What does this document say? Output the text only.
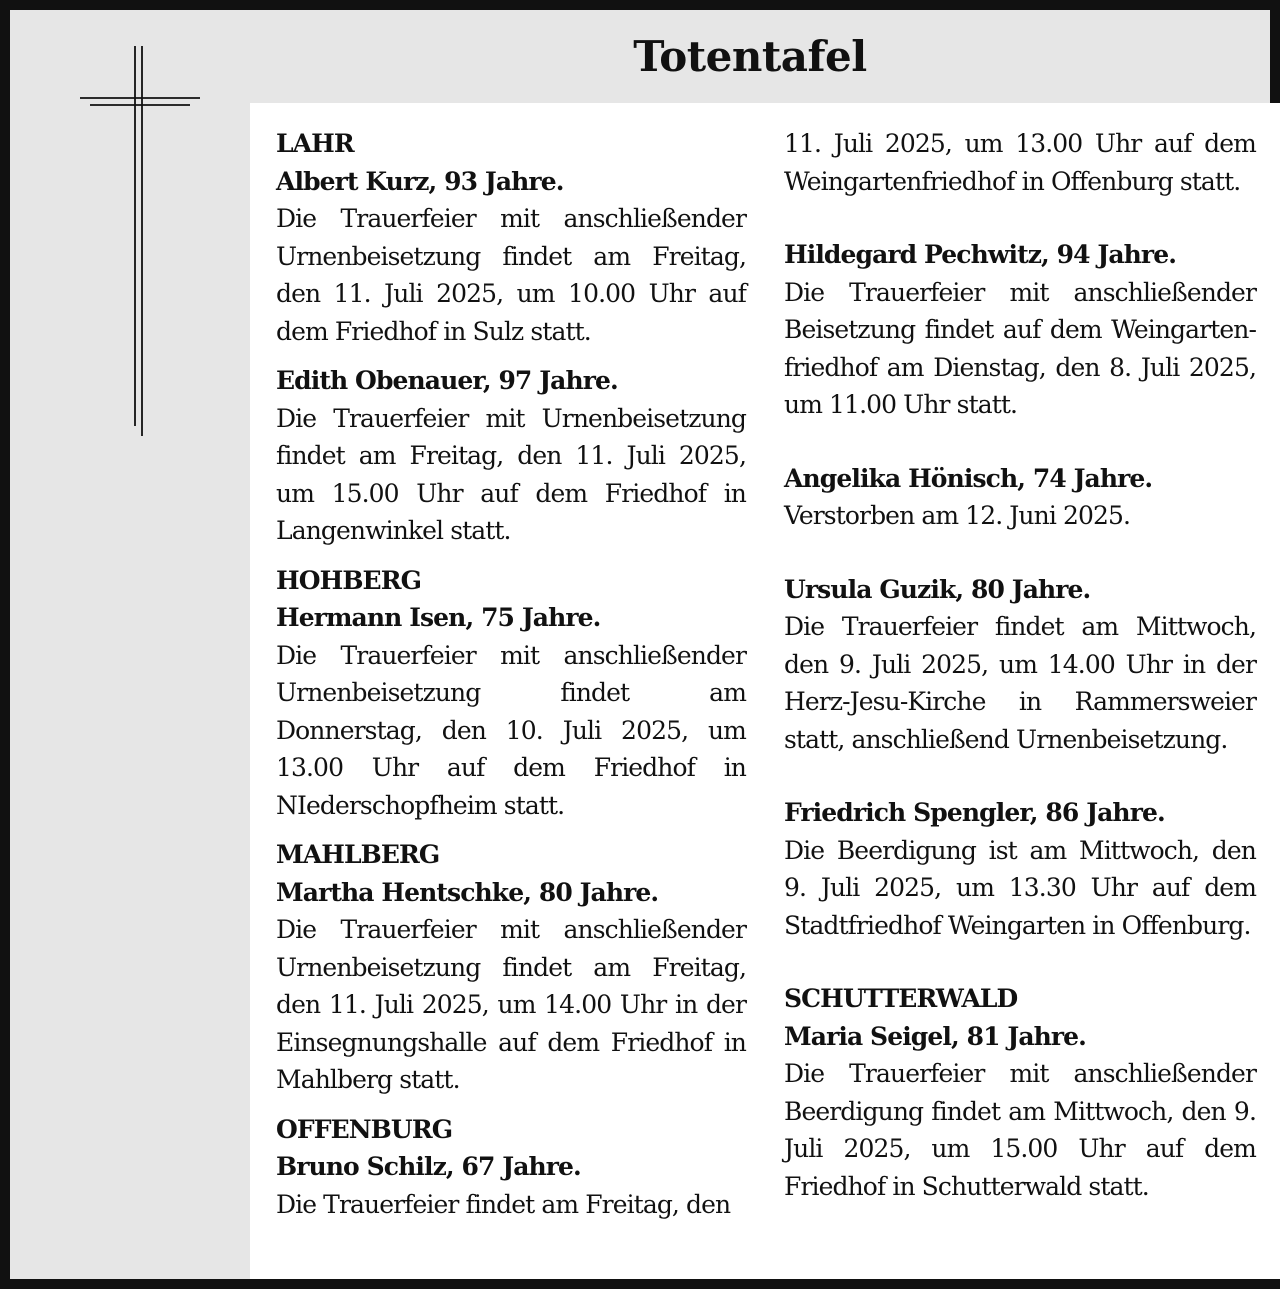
Totentafel
LAHR
Albert Kurz, 93 Jahre.

Die Trauerfeier mit anschließender Urnenbeisetzung findet am Freitag, den 11. Juli 2025, um 10.00 Uhr auf dem Friedhof in Sulz statt.

Edith Obenauer, 97 Jahre.

Die Trauerfeier mit Urnenbeisetzung findet am Freitag, den 11. Juli 2025, um 15.00 Uhr auf dem Friedhof in Langenwinkel statt.

HOHBERG
Hermann Isen, 75 Jahre.

Die Trauerfeier mit anschließender Urnenbeisetzung findet am Donnerstag, den 10. Juli 2025, um 13.00 Uhr auf dem Friedhof in NIederschopfheim statt.

MAHLBERG
Martha Hentschke, 80 Jahre.

Die Trauerfeier mit anschließender Urnenbeisetzung findet am Freitag, den 11. Juli 2025, um 14.00 Uhr in der Einsegnungshalle auf dem Friedhof in Mahlberg statt.

OFFENBURG
Bruno Schilz, 67 Jahre.

Die Trauerfeier findet am Freitag, den

11. Juli 2025, um 13.00 Uhr auf dem Weingartenfriedhof in Offenburg statt.

Hildegard Pechwitz, 94 Jahre.

Die Trauerfeier mit anschließender Beisetzung findet auf dem Weingarten-friedhof am Dienstag, den 8. Juli 2025, um 11.00 Uhr statt.

Angelika Hönisch, 74 Jahre.

Verstorben am 12. Juni 2025.

Ursula Guzik, 80 Jahre.

Die Trauerfeier findet am Mittwoch, den 9. Juli 2025, um 14.00 Uhr in der Herz-Jesu-Kirche in Rammersweier statt, anschließend Urnenbeisetzung.

Friedrich Spengler, 86 Jahre.

Die Beerdigung ist am Mittwoch, den 9. Juli 2025, um 13.30 Uhr auf dem Stadtfriedhof Weingarten in Offenburg.

SCHUTTERWALD
Maria Seigel, 81 Jahre.

Die Trauerfeier mit anschließender Beerdigung findet am Mittwoch, den 9. Juli 2025, um 15.00 Uhr auf dem Friedhof in Schutterwald statt.
